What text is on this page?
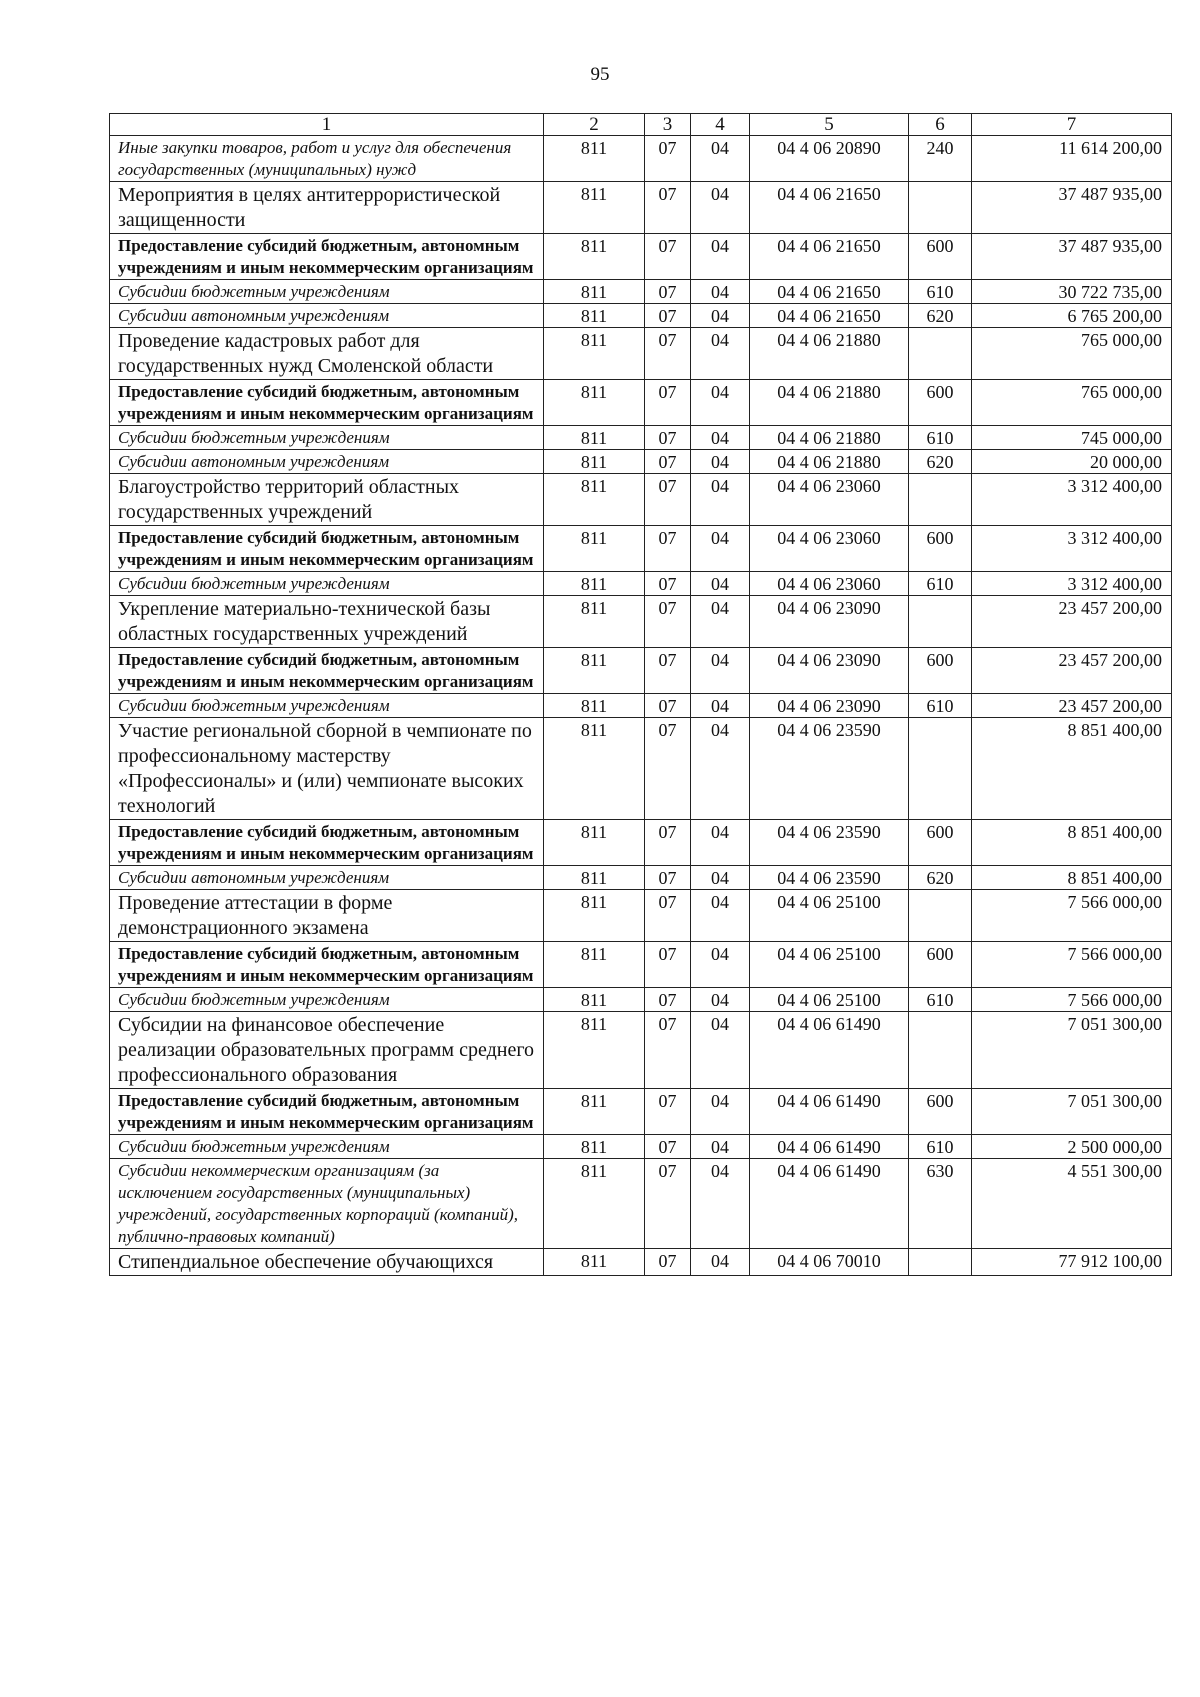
95
1	2	3	4	5	6	7
Иные закупки товаров, работ и услуг для обеспечения государственных (муниципальных) нужд	811	07	04	04 4 06 20890	240	11 614 200,00
Мероприятия в целях антитеррористической защищенности	811	07	04	04 4 06 21650		37 487 935,00
Предоставление субсидий бюджетным, автономным учреждениям и иным некоммерческим организациям	811	07	04	04 4 06 21650	600	37 487 935,00
Субсидии бюджетным учреждениям	811	07	04	04 4 06 21650	610	30 722 735,00
Субсидии автономным учреждениям	811	07	04	04 4 06 21650	620	6 765 200,00
Проведение кадастровых работ для государственных нужд Смоленской области	811	07	04	04 4 06 21880		765 000,00
Предоставление субсидий бюджетным, автономным учреждениям и иным некоммерческим организациям	811	07	04	04 4 06 21880	600	765 000,00
Субсидии бюджетным учреждениям	811	07	04	04 4 06 21880	610	745 000,00
Субсидии автономным учреждениям	811	07	04	04 4 06 21880	620	20 000,00
Благоустройство территорий областных государственных учреждений	811	07	04	04 4 06 23060		3 312 400,00
Предоставление субсидий бюджетным, автономным учреждениям и иным некоммерческим организациям	811	07	04	04 4 06 23060	600	3 312 400,00
Субсидии бюджетным учреждениям	811	07	04	04 4 06 23060	610	3 312 400,00
Укрепление материально-технической базы областных государственных учреждений	811	07	04	04 4 06 23090		23 457 200,00
Предоставление субсидий бюджетным, автономным учреждениям и иным некоммерческим организациям	811	07	04	04 4 06 23090	600	23 457 200,00
Субсидии бюджетным учреждениям	811	07	04	04 4 06 23090	610	23 457 200,00
Участие региональной сборной в чемпионате по профессиональному мастерству «Профессионалы» и (или) чемпионате высоких технологий	811	07	04	04 4 06 23590		8 851 400,00
Предоставление субсидий бюджетным, автономным учреждениям и иным некоммерческим организациям	811	07	04	04 4 06 23590	600	8 851 400,00
Субсидии автономным учреждениям	811	07	04	04 4 06 23590	620	8 851 400,00
Проведение аттестации в форме демонстрационного экзамена	811	07	04	04 4 06 25100		7 566 000,00
Предоставление субсидий бюджетным, автономным учреждениям и иным некоммерческим организациям	811	07	04	04 4 06 25100	600	7 566 000,00
Субсидии бюджетным учреждениям	811	07	04	04 4 06 25100	610	7 566 000,00
Субсидии на финансовое обеспечение реализации образовательных программ среднего профессионального образования	811	07	04	04 4 06 61490		7 051 300,00
Предоставление субсидий бюджетным, автономным учреждениям и иным некоммерческим организациям	811	07	04	04 4 06 61490	600	7 051 300,00
Субсидии бюджетным учреждениям	811	07	04	04 4 06 61490	610	2 500 000,00
Субсидии некоммерческим организациям (за исключением государственных (муниципальных) учреждений, государственных корпораций (компаний), публично-правовых компаний)	811	07	04	04 4 06 61490	630	4 551 300,00
Стипендиальное обеспечение обучающихся	811	07	04	04 4 06 70010		77 912 100,00
